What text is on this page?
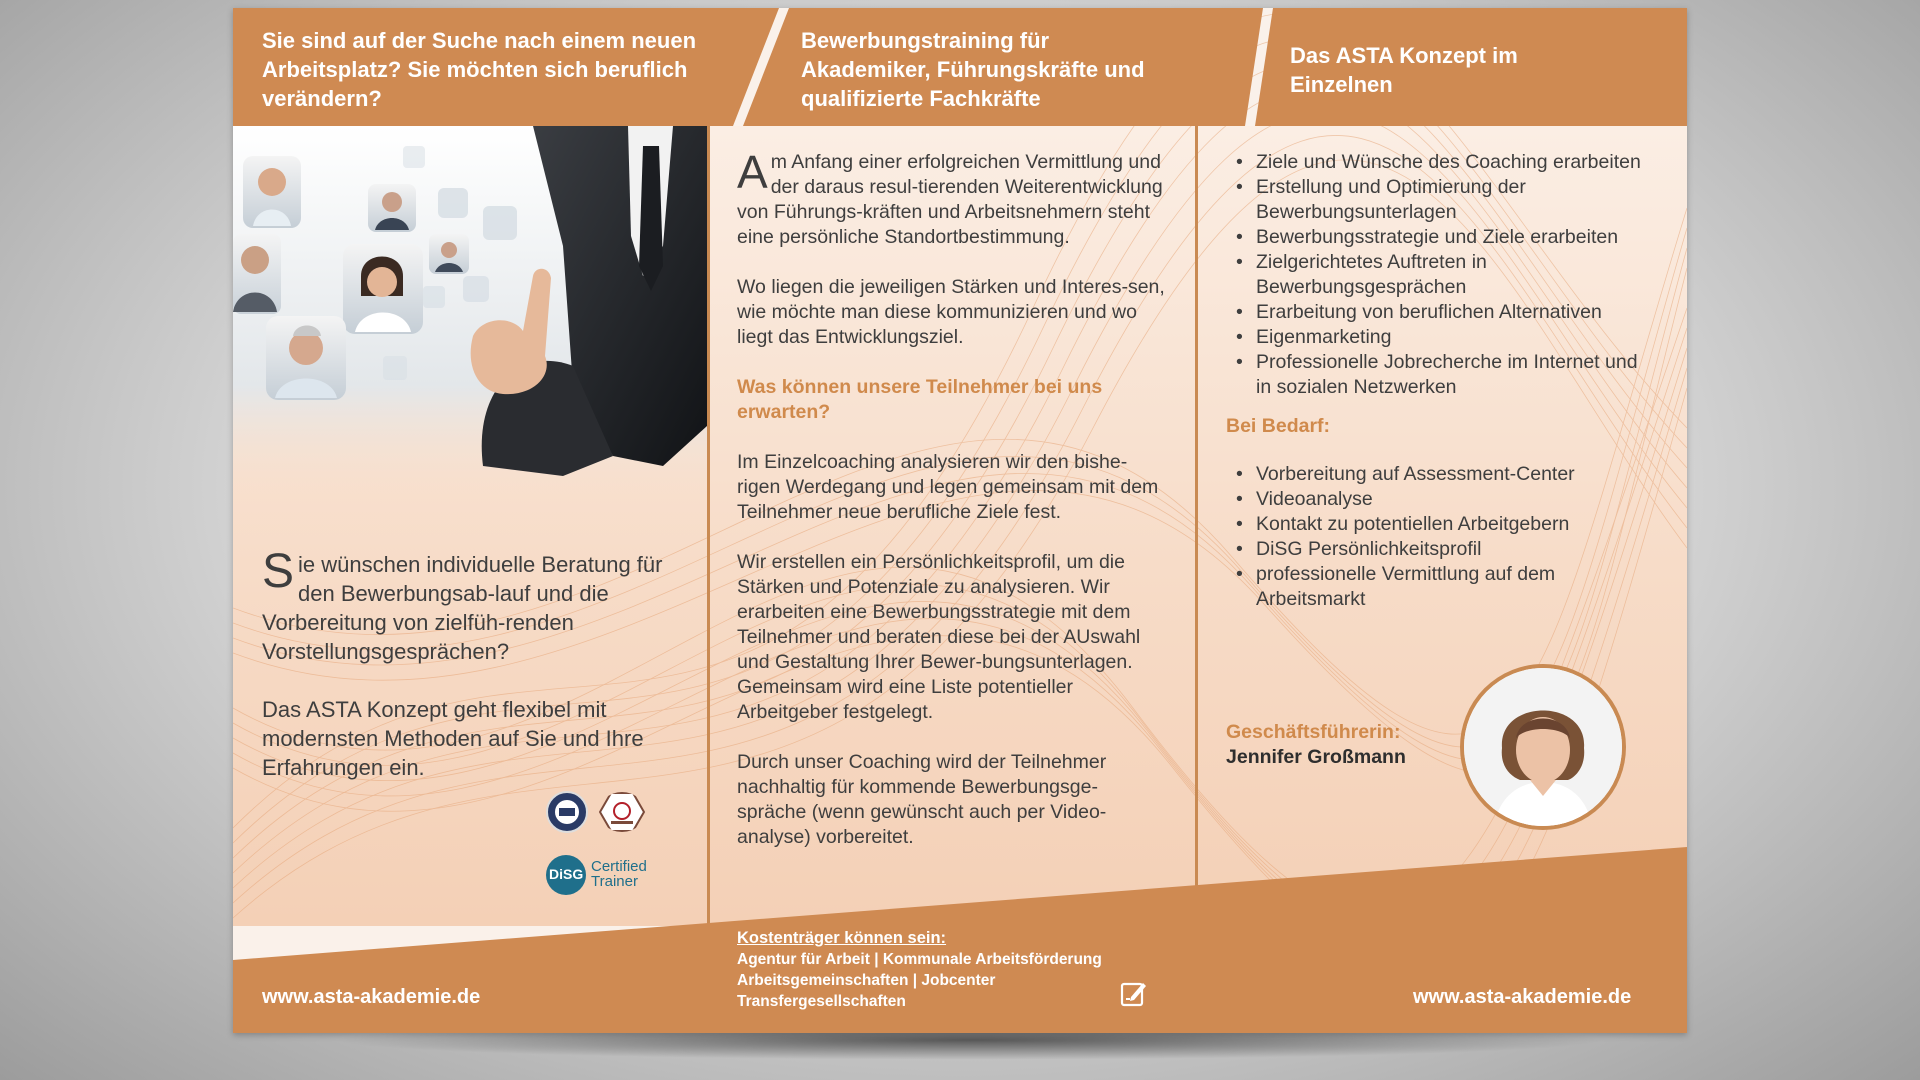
Sie sind auf der Suche nach einem neuen Arbeitsplatz? Sie möchten sich beruflich verändern?
Bewerbungstraining für Akademiker, Führungskräfte und qualifizierte Fachkräfte
Das ASTA Konzept im Einzelnen
Sie wünschen individuelle Beratung für den Bewerbungsab-lauf und die Vorbereitung von zielfüh-renden Vorstellungsgesprächen?
Das ASTA Konzept geht flexibel mit modernsten Methoden auf Sie und Ihre Erfahrungen ein.
DiSG Certified
Trainer

Am Anfang einer erfolgreichen Vermittlung und der daraus resul-tierenden Weiterentwicklung von Führungs-kräften und Arbeitsnehmern steht eine persönliche Standortbestimmung.

Wo liegen die jeweiligen Stärken und Interes-sen, wie möchte man diese kommunizieren und wo liegt das Entwicklungsziel.

Was können unsere Teilnehmer bei uns erwarten?

Im Einzelcoaching analysieren wir den bishe-rigen Werdegang und legen gemeinsam mit dem Teilnehmer neue berufliche Ziele fest.

Wir erstellen ein Persönlichkeitsprofil, um die Stärken und Potenziale zu analysieren. Wir erarbeiten eine Bewerbungsstrategie mit dem Teilnehmer und beraten diese bei der AUswahl und Gestaltung Ihrer Bewer-bungsunterlagen. Gemeinsam wird eine Liste potentieller Arbeitgeber festgelegt.

Durch unser Coaching wird der Teilnehmer nachhaltig für kommende Bewerbungsge-spräche (wenn gewünscht auch per Video-analyse) vorbereitet.

• Ziele und Wünsche des Coaching erarbeiten
• Erstellung und Optimierung der Bewerbungsunterlagen
• Bewerbungsstrategie und Ziele erarbeiten
• Zielgerichtetes Auftreten in Bewerbungsgesprächen
• Erarbeitung von beruflichen Alternativen
• Eigenmarketing
• Professionelle Jobrecherche im Internet und in sozialen Netzwerken
Bei Bedarf:
• Vorbereitung auf Assessment-Center
• Videoanalyse
• Kontakt zu potentiellen Arbeitgebern
• DiSG Persönlichkeitsprofil
• professionelle Vermittlung auf dem Arbeitsmarkt
Geschäftsführerin:
Jennifer Großmann
www.asta-akademie.de	www.asta-akademie.de
Kostenträger können sein:
Agentur für Arbeit | Kommunale Arbeitsförderung
Arbeitsgemeinschaften | Jobcenter
Transfergesellschaften
